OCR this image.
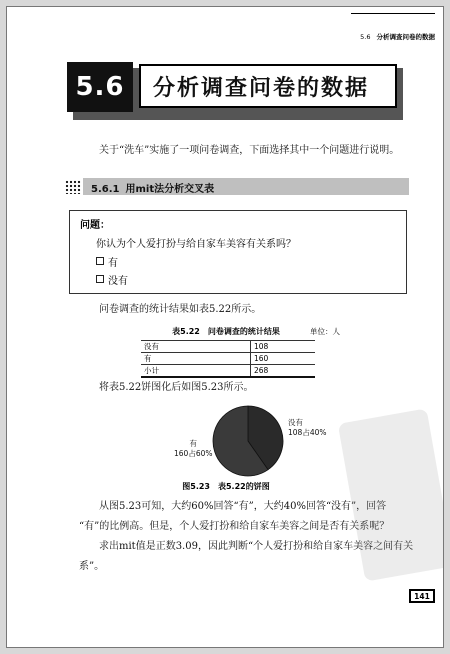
5.6 分析调查问卷的数据
5.6	分析调查问卷的数据
关于“洗车”实施了一项问卷调查，下面选择其中一个问题进行说明。
5.6.1 用mit法分析交叉表
问题：
你认为个人爱打扮与给自家车美容有关系吗？
有
没有
问卷调查的统计结果如表5.22所示。
表5.22　问卷调查的统计结果	单位：人
没有	108
有	160
小计	268
将表5.22饼图化后如图5.23所示。
没有
108占40%
有
160占60%
图5.23　表5.22的饼图
从图5.23可知，大约60%回答“有”，大约40%回答“没有”，回答
“有”的比例高。但是，个人爱打扮和给自家车美容之间是否有关系呢？
求出mit值是正数3.09，因此判断“个人爱打扮和给自家车美容之间有关
系”。
141
